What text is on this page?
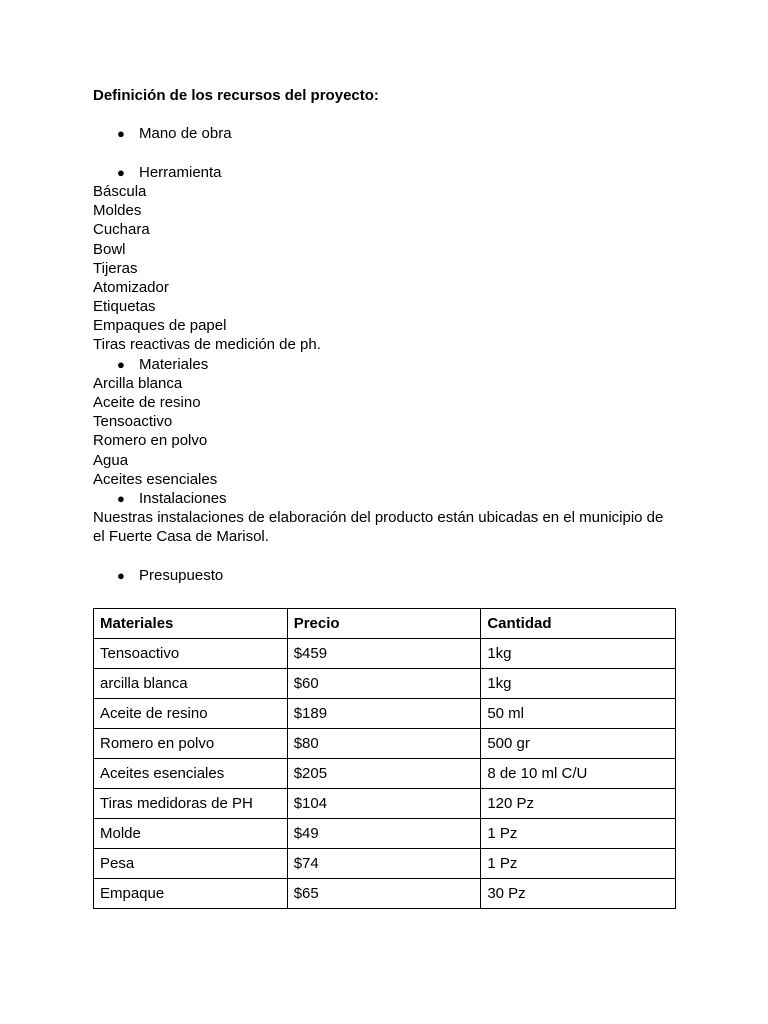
Definición de los recursos del proyecto:
● Mano de obra
● Herramienta
Báscula
Moldes
Cuchara
Bowl
Tijeras
Atomizador
Etiquetas
Empaques de papel
Tiras reactivas de medición de ph.
● Materiales
Arcilla blanca
Aceite de resino
Tensoactivo
Romero en polvo
Agua
Aceites esenciales
● Instalaciones
Nuestras instalaciones de elaboración del producto están ubicadas en el municipio de el Fuerte Casa de Marisol.
● Presupuesto
Materiales	Precio	Cantidad
Tensoactivo	$459	1kg
arcilla blanca	$60	1kg
Aceite de resino	$189	50 ml
Romero en polvo	$80	500 gr
Aceites esenciales	$205	8 de 10 ml C/U
Tiras medidoras de PH	$104	120 Pz
Molde	$49	1 Pz
Pesa	$74	1 Pz
Empaque	$65	30 Pz
